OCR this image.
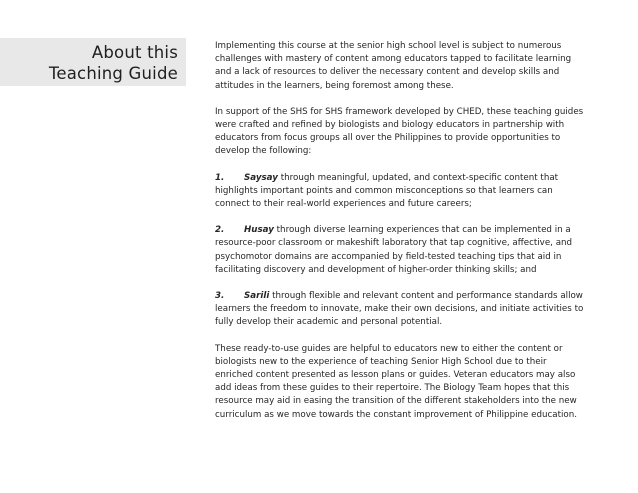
About this
Teaching Guide

Implementing this course at the senior high school level is subject to numerous challenges with mastery of content among educators tapped to facilitate learning and a lack of resources to deliver the necessary content and develop skills and attitudes in the learners, being foremost among these.

In support of the SHS for SHS framework developed by CHED, these teaching guides were crafted and refined by biologists and biology educators in partnership with educators from focus groups all over the Philippines to provide opportunities to develop the following:

1. Saysay through meaningful, updated, and context-specific content that highlights important points and common misconceptions so that learners can connect to their real-world experiences and future careers;

2. Husay through diverse learning experiences that can be implemented in a resource-poor classroom or makeshift laboratory that tap cognitive, affective, and psychomotor domains are accompanied by field-tested teaching tips that aid in facilitating discovery and development of higher-order thinking skills; and

3. Sarili through flexible and relevant content and performance standards allow learners the freedom to innovate, make their own decisions, and initiate activities to fully develop their academic and personal potential.

These ready-to-use guides are helpful to educators new to either the content or biologists new to the experience of teaching Senior High School due to their enriched content presented as lesson plans or guides. Veteran educators may also add ideas from these guides to their repertoire. The Biology Team hopes that this resource may aid in easing the transition of the different stakeholders into the new curriculum as we move towards the constant improvement of Philippine education.
